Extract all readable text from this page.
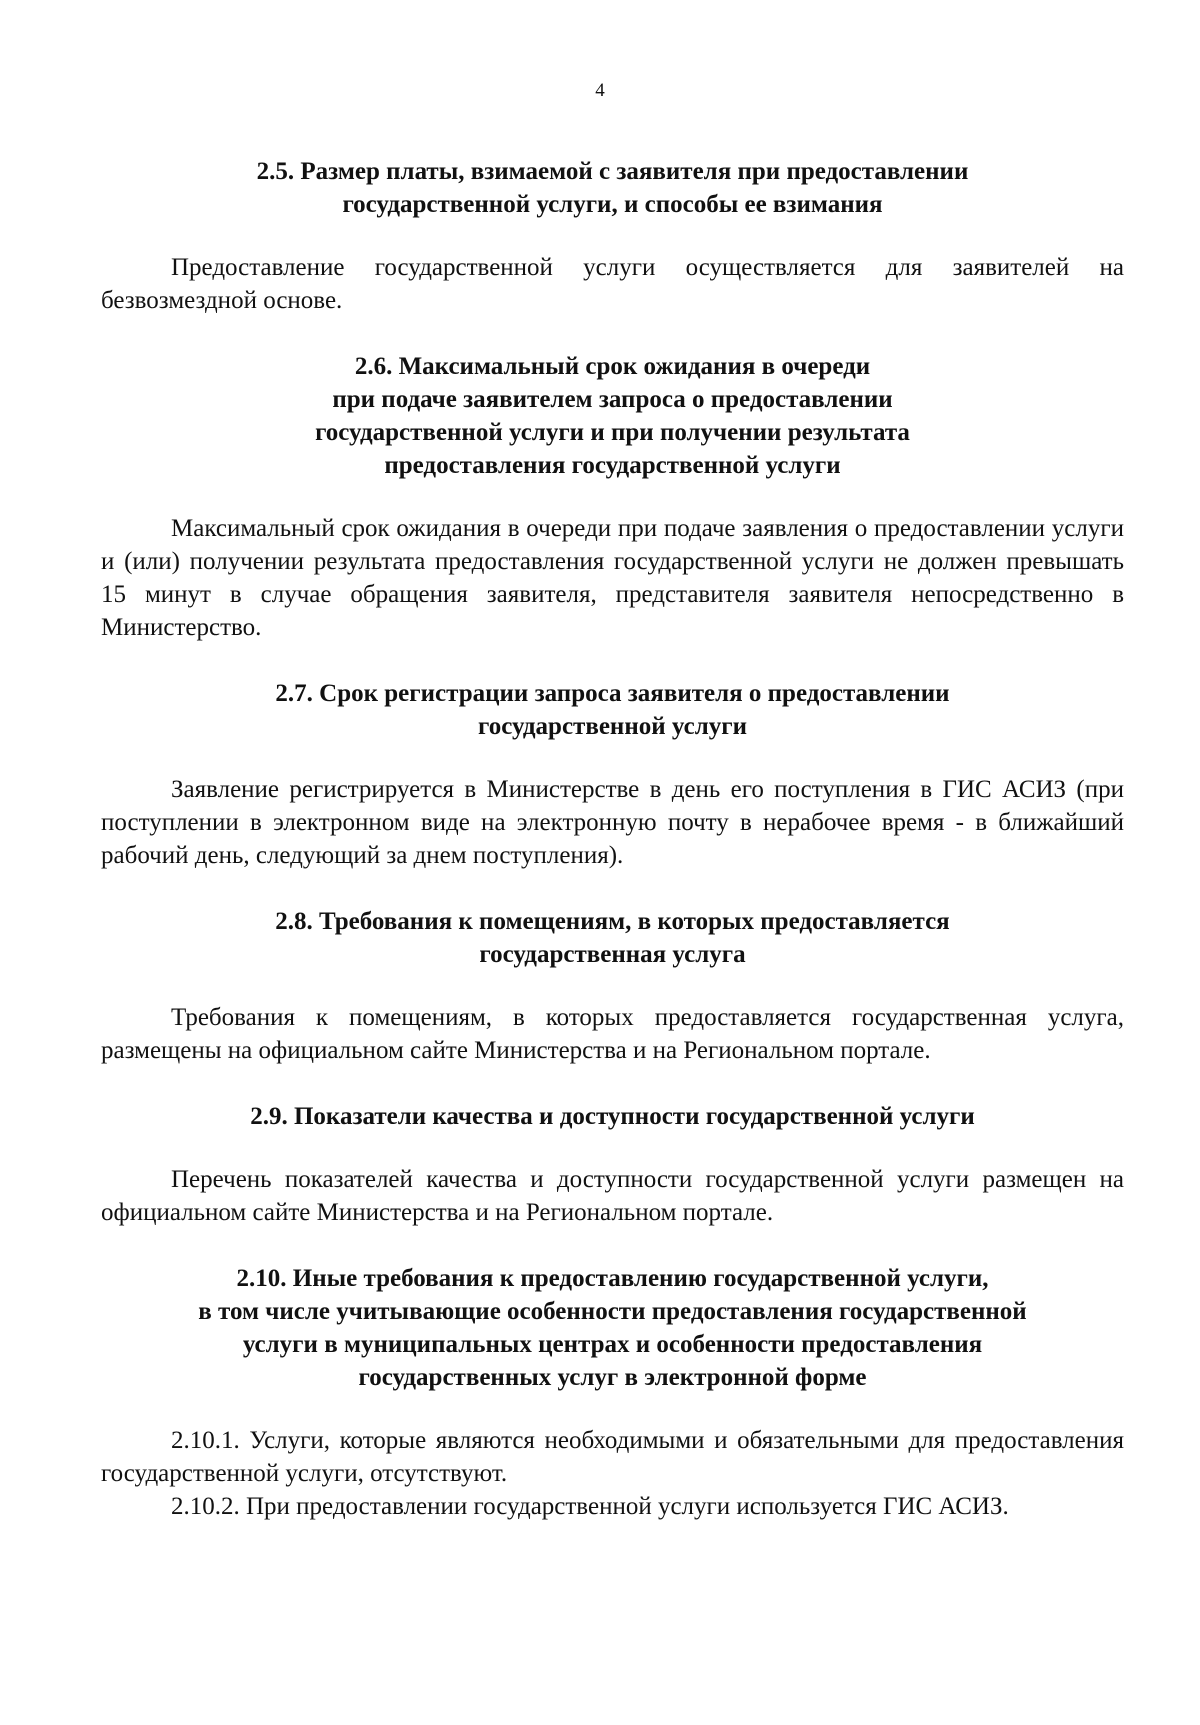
4
2.5. Размер платы, взимаемой с заявителя при предоставлении
государственной услуги, и способы ее взимания

Предоставление государственной услуги осуществляется для заявителей на безвозмездной основе.

2.6. Максимальный срок ожидания в очереди
при подаче заявителем запроса о предоставлении
государственной услуги и при получении результата
предоставления государственной услуги

Максимальный срок ожидания в очереди при подаче заявления о предоставлении услуги и (или) получении результата предоставления государственной услуги не должен превышать 15 минут в случае обращения заявителя, представителя заявителя непосредственно в Министерство.

2.7. Срок регистрации запроса заявителя о предоставлении
государственной услуги

Заявление регистрируется в Министерстве в день его поступления в ГИС АСИЗ (при поступлении в электронном виде на электронную почту в нерабочее время - в ближайший рабочий день, следующий за днем поступления).

2.8. Требования к помещениям, в которых предоставляется
государственная услуга

Требования к помещениям, в которых предоставляется государственная услуга, размещены на официальном сайте Министерства и на Региональном портале.

2.9. Показатели качества и доступности государственной услуги

Перечень показателей качества и доступности государственной услуги размещен на официальном сайте Министерства и на Региональном портале.

2.10. Иные требования к предоставлению государственной услуги,
в том числе учитывающие особенности предоставления государственной
услуги в муниципальных центрах и особенности предоставления
государственных услуг в электронной форме

2.10.1. Услуги, которые являются необходимыми и обязательными для предоставления государственной услуги, отсутствуют.

2.10.2. При предоставлении государственной услуги используется ГИС АСИЗ.
